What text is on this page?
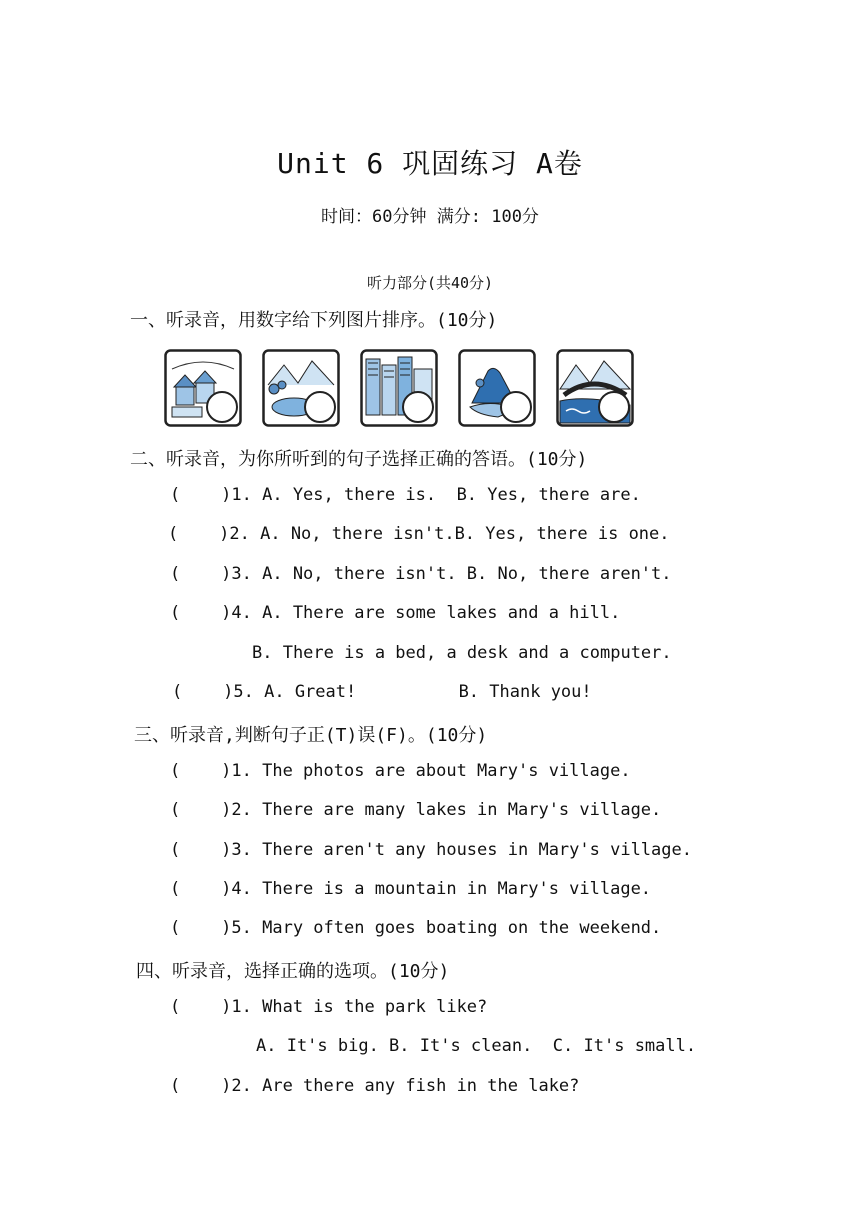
Unit 6 巩固练习 A卷
时间：60分钟 满分: 100分
听力部分(共40分)
一、听录音，用数字给下列图片排序。(10分)
二、听录音，为你所听到的句子选择正确的答语。(10分)
(    )1. A. Yes, there is.  B. Yes, there are.
(    )2. A. No, there isn't.B. Yes, there is one.
(    )3. A. No, there isn't. B. No, there aren't.
(    )4. A. There are some lakes and a hill.
B. There is a bed, a desk and a computer.
(    )5. A. Great!          B. Thank you!
三、听录音,判断句子正(T)误(F)。(10分)
(    )1. The photos are about Mary's village.
(    )2. There are many lakes in Mary's village.
(    )3. There aren't any houses in Mary's village.
(    )4. There is a mountain in Mary's village.
(    )5. Mary often goes boating on the weekend.
四、听录音，选择正确的选项。(10分)
(    )1. What is the park like?
A. It's big. B. It's clean.  C. It's small.
(    )2. Are there any fish in the lake?
